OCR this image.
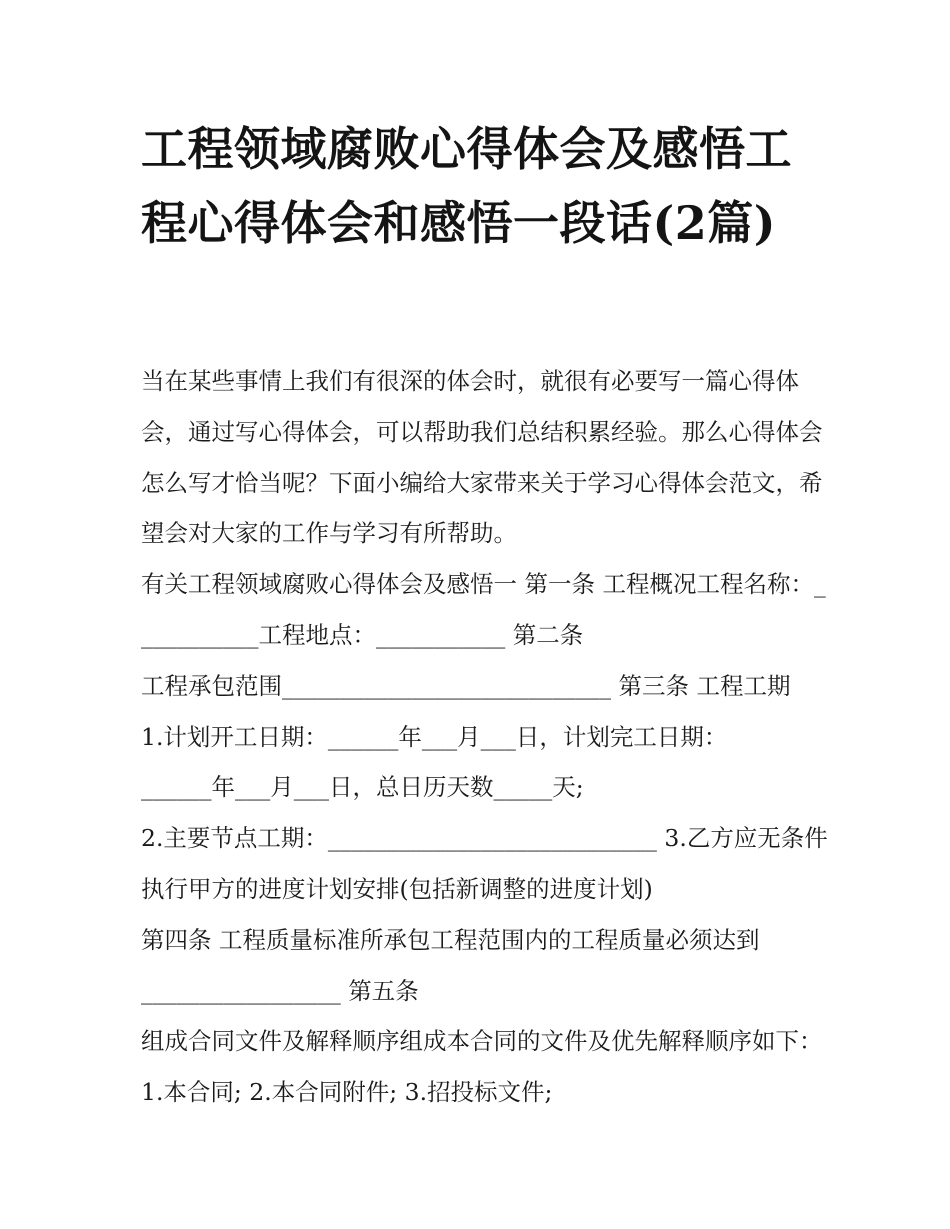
工程领域腐败心得体会及感悟工程心得体会和感悟一段话(2篇)

当在某些事情上我们有很深的体会时，就很有必要写一篇心得体会，通过写心得体会，可以帮助我们总结积累经验。那么心得体会怎么写才恰当呢？下面小编给大家带来关于学习心得体会范文，希望会对大家的工作与学习有所帮助。

有关工程领域腐败心得体会及感悟一 第一条 工程概况工程名称：___________工程地点：___________ 第二条

工程承包范围____________________________ 第三条 工程工期

1.计划开工日期：______年___月___日，计划完工日期：

______年___月___日，总日历天数_____天;

2.主要节点工期：____________________________ 3.乙方应无条件执行甲方的进度计划安排(包括新调整的进度计划)

第四条 工程质量标准所承包工程范围内的工程质量必须达到

_________________ 第五条

组成合同文件及解释顺序组成本合同的文件及优先解释顺序如下： 1.本合同; 2.本合同附件; 3.招投标文件;
